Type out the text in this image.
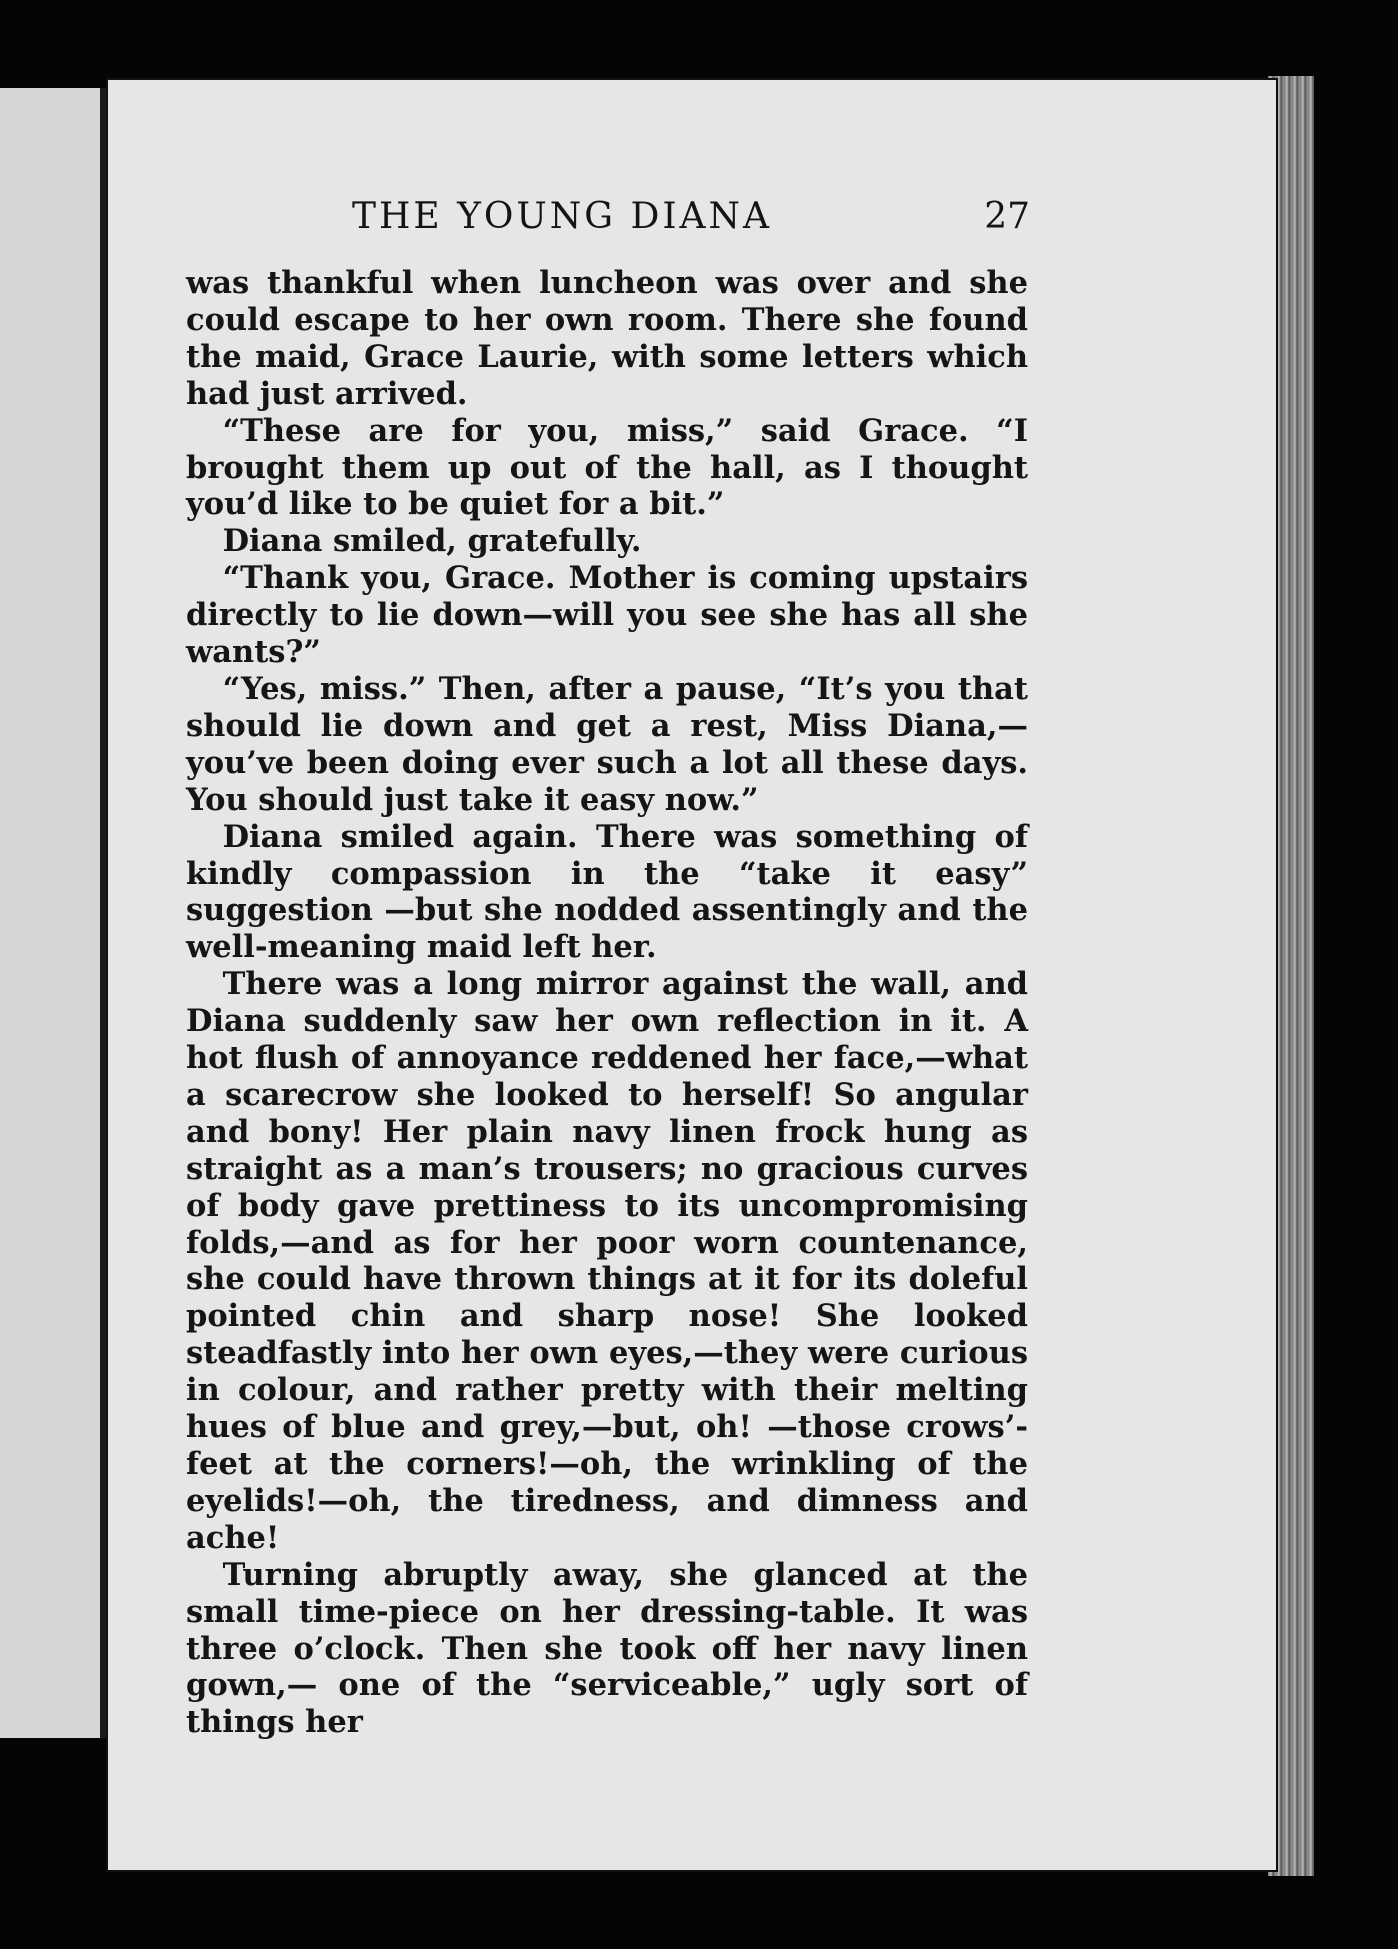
THE YOUNG DIANA	27

was thankful when luncheon was over and she could escape to her own room. There she found the maid, Grace Laurie, with some letters which had just arrived.

“These are for you, miss,” said Grace. “I brought them up out of the hall, as I thought you’d like to be quiet for a bit.”

Diana smiled, gratefully.

“Thank you, Grace. Mother is coming upstairs directly to lie down—will you see she has all she wants?”

“Yes, miss.” Then, after a pause, “It’s you that should lie down and get a rest, Miss Diana,—you’ve been doing ever such a lot all these days. You should just take it easy now.”

Diana smiled again. There was something of kindly compassion in the “take it easy” suggestion —but she nodded assentingly and the well-meaning maid left her.

There was a long mirror against the wall, and Diana suddenly saw her own reflection in it. A hot flush of annoyance reddened her face,—what a scarecrow she looked to herself! So angular and bony! Her plain navy linen frock hung as straight as a man’s trousers; no gracious curves of body gave prettiness to its uncompromising folds,—and as for her poor worn countenance, she could have thrown things at it for its doleful pointed chin and sharp nose! She looked steadfastly into her own eyes,—they were curious in colour, and rather pretty with their melting hues of blue and grey,—but, oh! —those crows’-feet at the corners!—oh, the wrinkling of the eyelids!—oh, the tiredness, and dimness and ache!

Turning abruptly away, she glanced at the small time-piece on her dressing-table. It was three o’clock. Then she took off her navy linen gown,— one of the “serviceable,” ugly sort of things her
